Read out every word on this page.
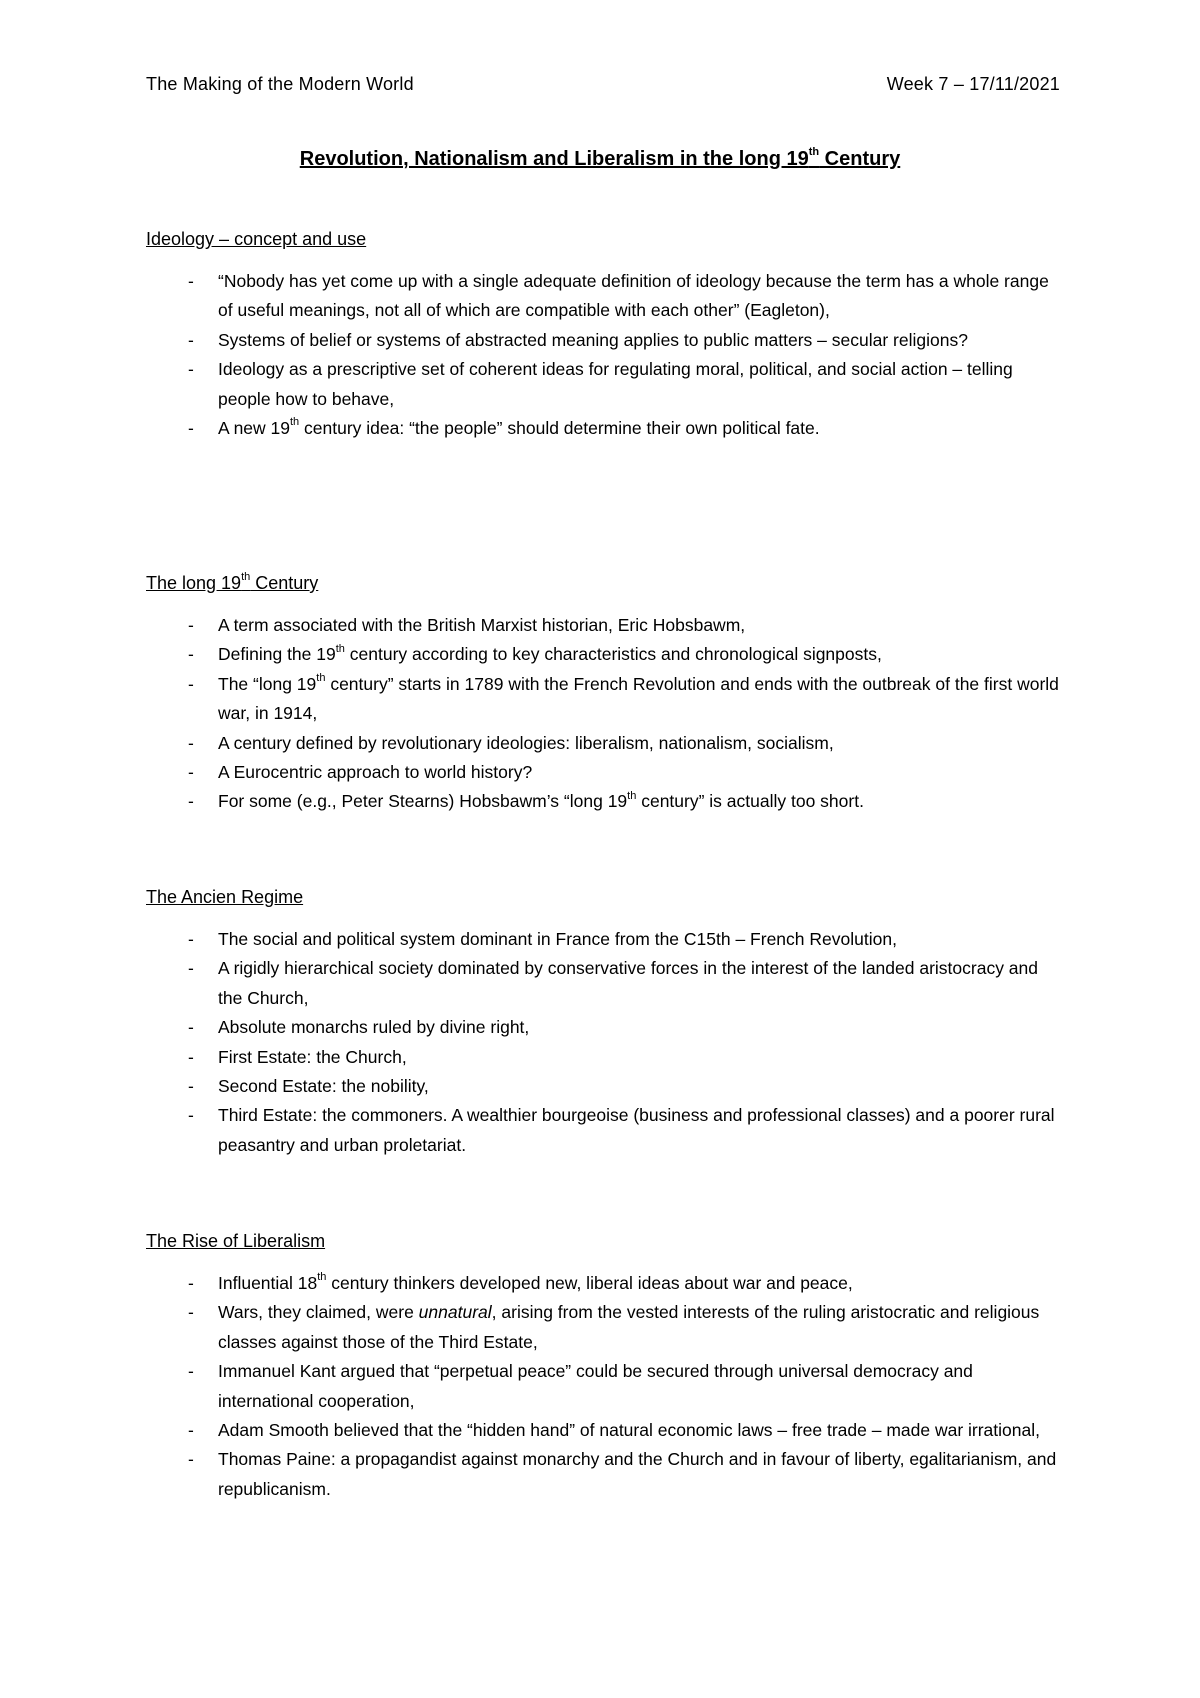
The Making of the Modern World	Week 7 – 17/11/2021
Revolution, Nationalism and Liberalism in the long 19th Century
Ideology – concept and use
- “Nobody has yet come up with a single adequate definition of ideology because the term has a whole range of useful meanings, not all of which are compatible with each other” (Eagleton),
- Systems of belief or systems of abstracted meaning applies to public matters – secular religions?
- Ideology as a prescriptive set of coherent ideas for regulating moral, political, and social action – telling people how to behave,
- A new 19th century idea: “the people” should determine their own political fate.
The long 19th Century
- A term associated with the British Marxist historian, Eric Hobsbawm,
- Defining the 19th century according to key characteristics and chronological signposts,
- The “long 19th century” starts in 1789 with the French Revolution and ends with the outbreak of the first world war, in 1914,
- A century defined by revolutionary ideologies: liberalism, nationalism, socialism,
- A Eurocentric approach to world history?
- For some (e.g., Peter Stearns) Hobsbawm’s “long 19th century” is actually too short.
The Ancien Regime
- The social and political system dominant in France from the C15th – French Revolution,
- A rigidly hierarchical society dominated by conservative forces in the interest of the landed aristocracy and the Church,
- Absolute monarchs ruled by divine right,
- First Estate: the Church,
- Second Estate: the nobility,
- Third Estate: the commoners. A wealthier bourgeoise (business and professional classes) and a poorer rural peasantry and urban proletariat.
The Rise of Liberalism
- Influential 18th century thinkers developed new, liberal ideas about war and peace,
- Wars, they claimed, were unnatural, arising from the vested interests of the ruling aristocratic and religious classes against those of the Third Estate,
- Immanuel Kant argued that “perpetual peace” could be secured through universal democracy and international cooperation,
- Adam Smooth believed that the “hidden hand” of natural economic laws – free trade – made war irrational,
- Thomas Paine: a propagandist against monarchy and the Church and in favour of liberty, egalitarianism, and republicanism.
